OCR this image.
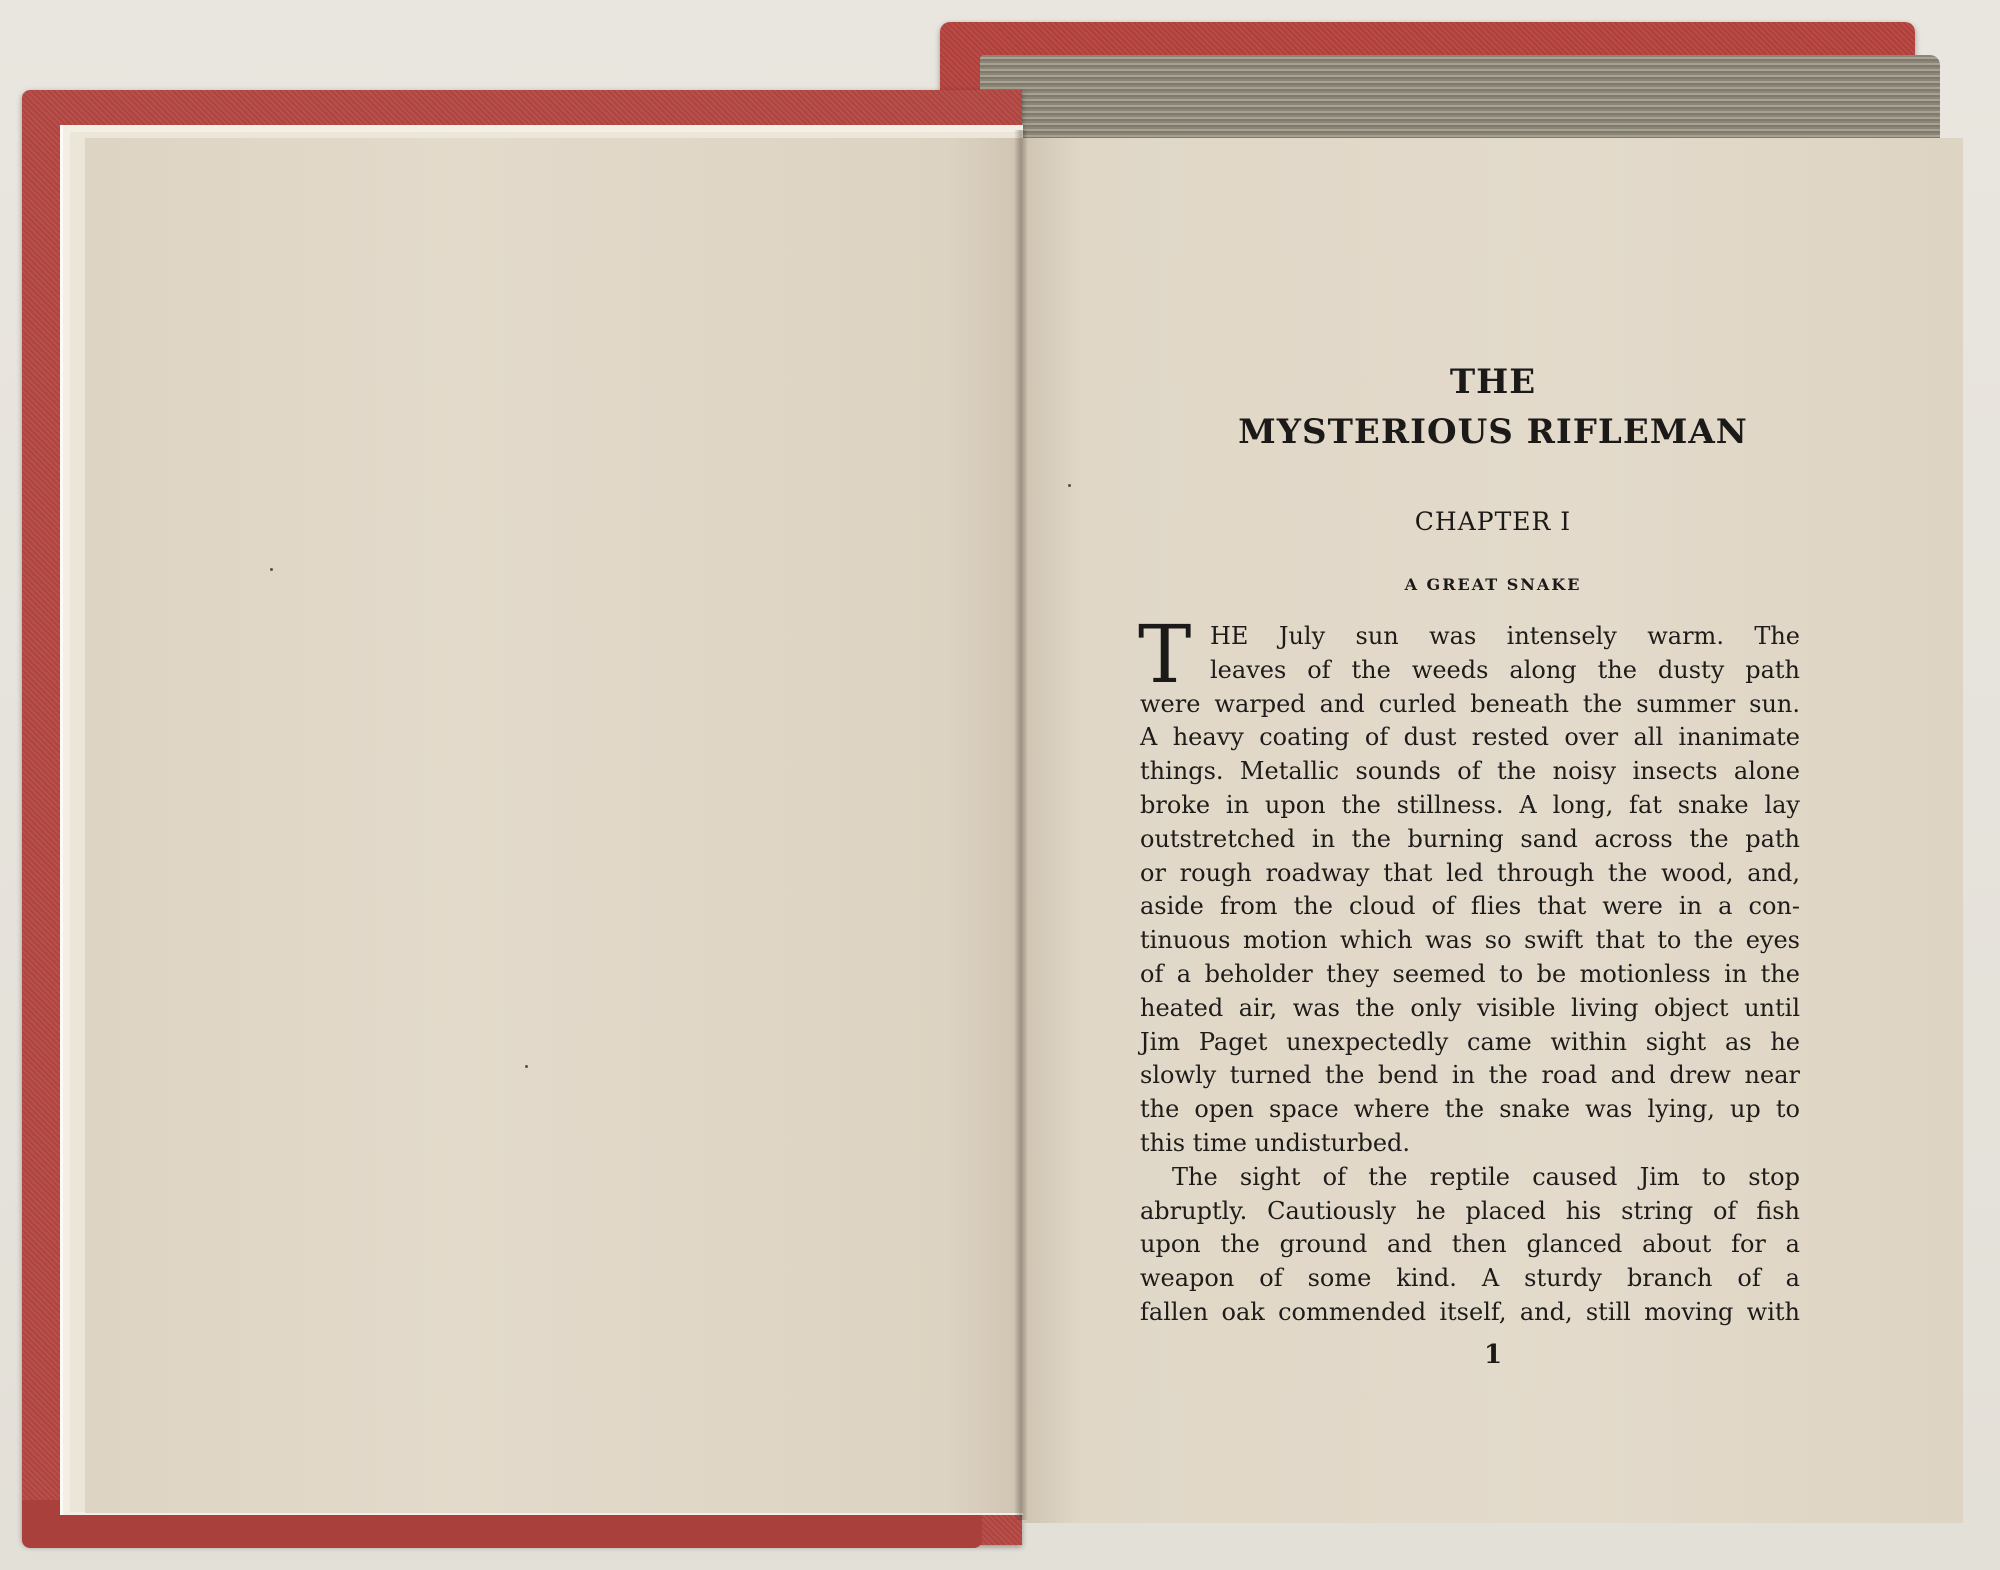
THE
MYSTERIOUS RIFLEMAN
CHAPTER I
A GREAT SNAKE
T HE July sun was intensely warm. The
leaves of the weeds along the dusty path
were warped and curled beneath the summer sun.
A heavy coating of dust rested over all inanimate
things. Metallic sounds of the noisy insects alone
broke in upon the stillness. A long, fat snake lay
outstretched in the burning sand across the path
or rough roadway that led through the wood, and,
aside from the cloud of flies that were in a con-
tinuous motion which was so swift that to the eyes
of a beholder they seemed to be motionless in the
heated air, was the only visible living object until
Jim Paget unexpectedly came within sight as he
slowly turned the bend in the road and drew near
the open space where the snake was lying, up to
this time undisturbed.
The sight of the reptile caused Jim to stop
abruptly. Cautiously he placed his string of fish
upon the ground and then glanced about for a
weapon of some kind. A sturdy branch of a
fallen oak commended itself, and, still moving with
1
